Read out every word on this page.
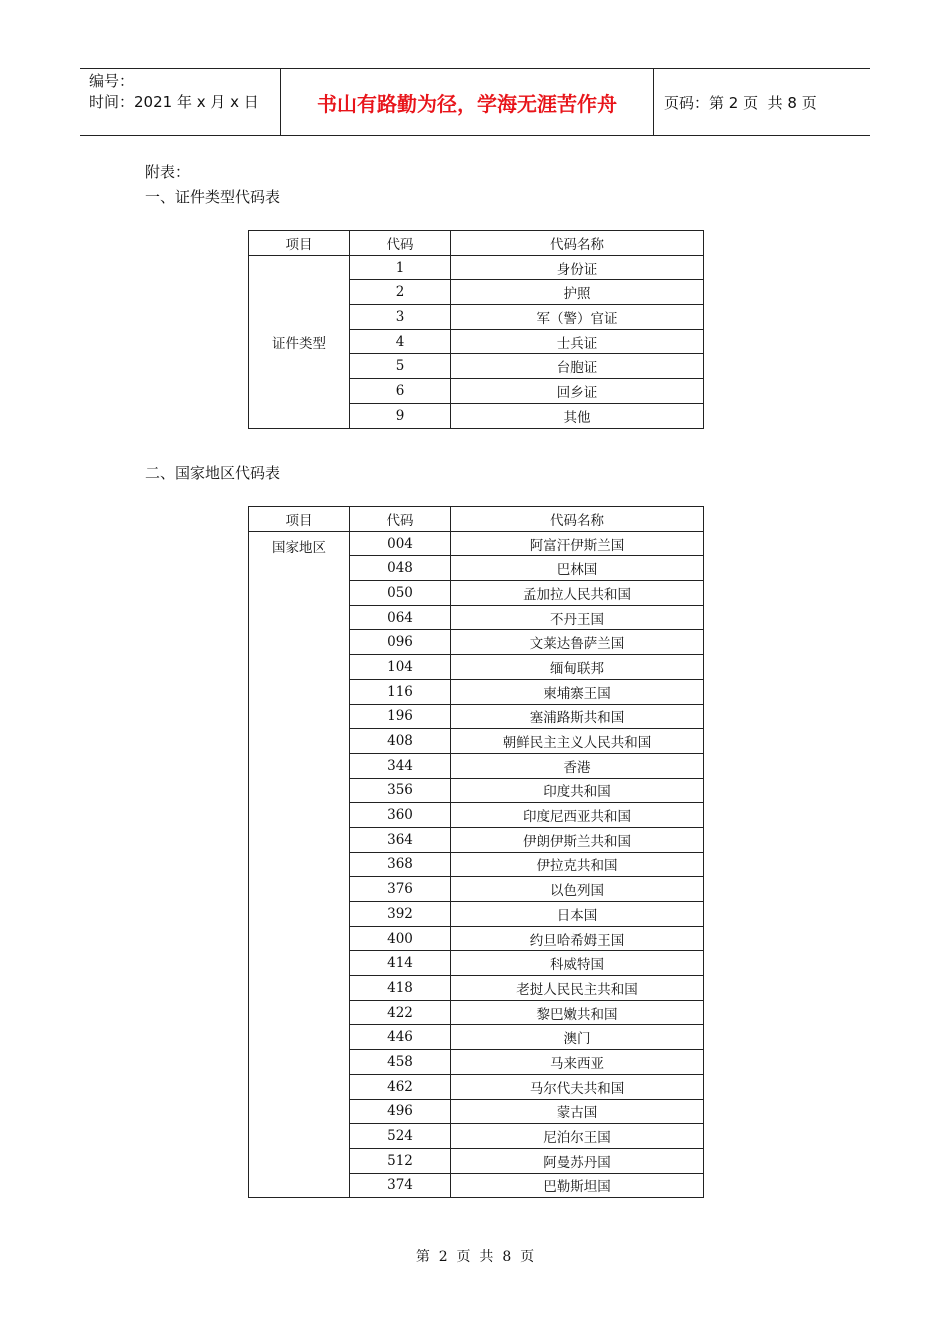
编号：
时间：2021 年 x 月 x 日	书山有路勤为径，学海无涯苦作舟	页码：第 2 页  共 8 页
附表：
一、证件类型代码表
项目	代码	代码名称
证件类型	1	身份证
	2	护照
	3	军（警）官证
	4	士兵证
	5	台胞证
	6	回乡证
	9	其他
二、国家地区代码表
项目	代码	代码名称
国家地区	004	阿富汗伊斯兰国
	048	巴林国
	050	孟加拉人民共和国
	064	不丹王国
	096	文莱达鲁萨兰国
	104	缅甸联邦
	116	柬埔寨王国
	196	塞浦路斯共和国
	408	朝鲜民主主义人民共和国
	344	香港
	356	印度共和国
	360	印度尼西亚共和国
	364	伊朗伊斯兰共和国
	368	伊拉克共和国
	376	以色列国
	392	日本国
	400	约旦哈希姆王国
	414	科威特国
	418	老挝人民民主共和国
	422	黎巴嫩共和国
	446	澳门
	458	马来西亚
	462	马尔代夫共和国
	496	蒙古国
	524	尼泊尔王国
	512	阿曼苏丹国
	374	巴勒斯坦国
第  2  页  共  8  页
